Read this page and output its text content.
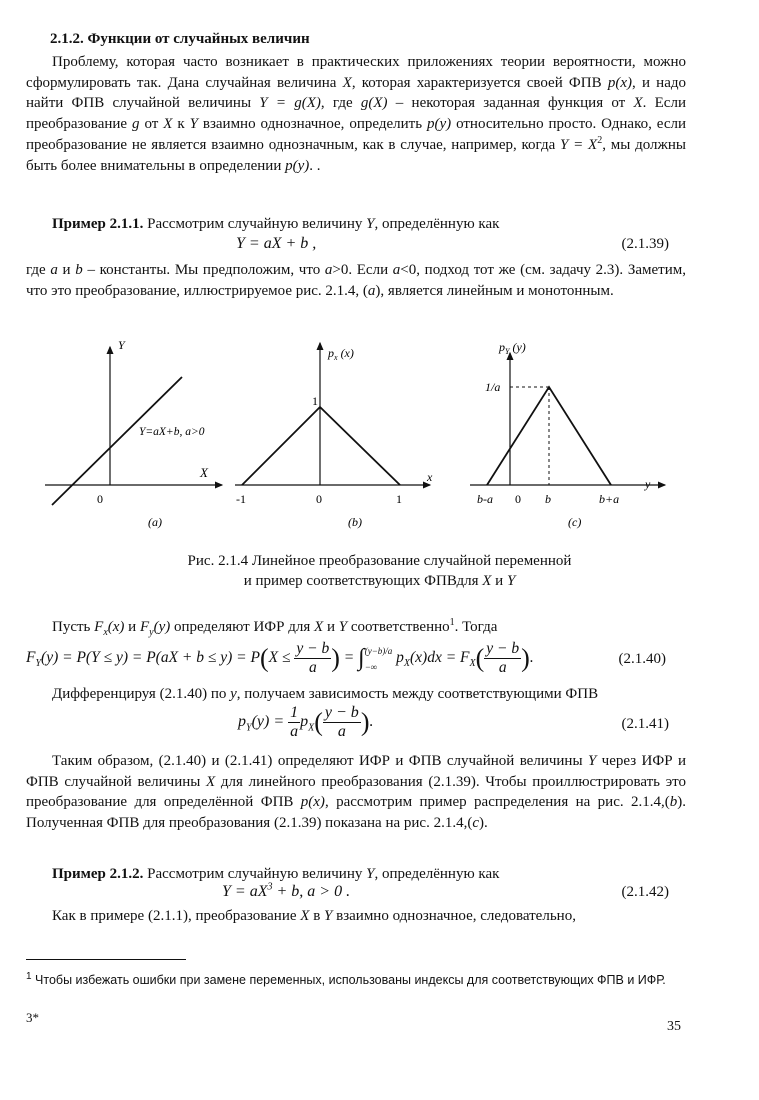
2.1.2. Функции от случайных величин

Проблему, которая часто возникает в практических приложениях теории вероятности, можно сформулировать так. Дана случайная величина X, которая характеризуется своей ФПВ p(x), и надо найти ФПВ случайной величины Y = g(X), где g(X) – некоторая заданная функция от X. Если преобразование g от X к Y взаимно однозначное, определить p(y) относительно просто. Однако, если преобразование не является взаимно однозначным, как в случае, например, когда $Y = X^2$, мы должны быть более внимательны в определении p(y). .

Пример 2.1.1. Рассмотрим случайную величину Y, определённую как

Y = aX + b ,	(2.1.39)

где a и b – константы. Мы предположим, что a>0. Если a<0, подход тот же (см. задачу 2.3). Заметим, что это преобразование, иллюстрируемое рис. 2.1.4, (a), является линейным и монотонным.

Y
X
0
Y=aX+b, a>0
(a)
$p_x$ (x)
x
1
-1	0	1
(b)
$p_Y$ (y)
y
1/a
b-a 0 b	b+a
(c)
Рис. 2.1.4 Линейное преобразование случайной переменной
и пример соответствующих ФПВдля X и Y

Пусть $F_x(x)$ и $F_y(y)$ определяют ИФР для X и Y соответственно$^1$. Тогда

$F_Y(y) = P(Y \le y) = P(aX + b \le y) = P(X \le \frac{y - b}{a}$ ) = ∫ (y−b)/a
−∞
$p_X(x)dx = F_X( \frac{y - b}{a}$ ).	(2.1.40)

Дифференцируя (2.1.40) по y, получаем зависимость между соответствующими ФПВ

$p_Y(y) = \frac{1}{a} p_X( \frac{y - b}{a}$ ).	(2.1.41)

Таким образом, (2.1.40) и (2.1.41) определяют ИФР и ФПВ случайной величины Y через ИФР и ФПВ случайной величины X для линейного преобразования (2.1.39). Чтобы проиллюстрировать это преобразование для определённой ФПВ p(x), рассмотрим пример распределения на рис. 2.1.4,(b). Полученная ФПВ для преобразования (2.1.39) показана на рис. 2.1.4,(c).

Пример 2.1.2. Рассмотрим случайную величину Y, определённую как

$Y = aX^3 + b$, a > 0 .	(2.1.42)

Как в примере (2.1.1), преобразование X в Y взаимно однозначное, следовательно,

$^1$ Чтобы избежать ошибки при замене переменных, использованы индексы для соответствующих ФПВ и ИФР.
3*
35
